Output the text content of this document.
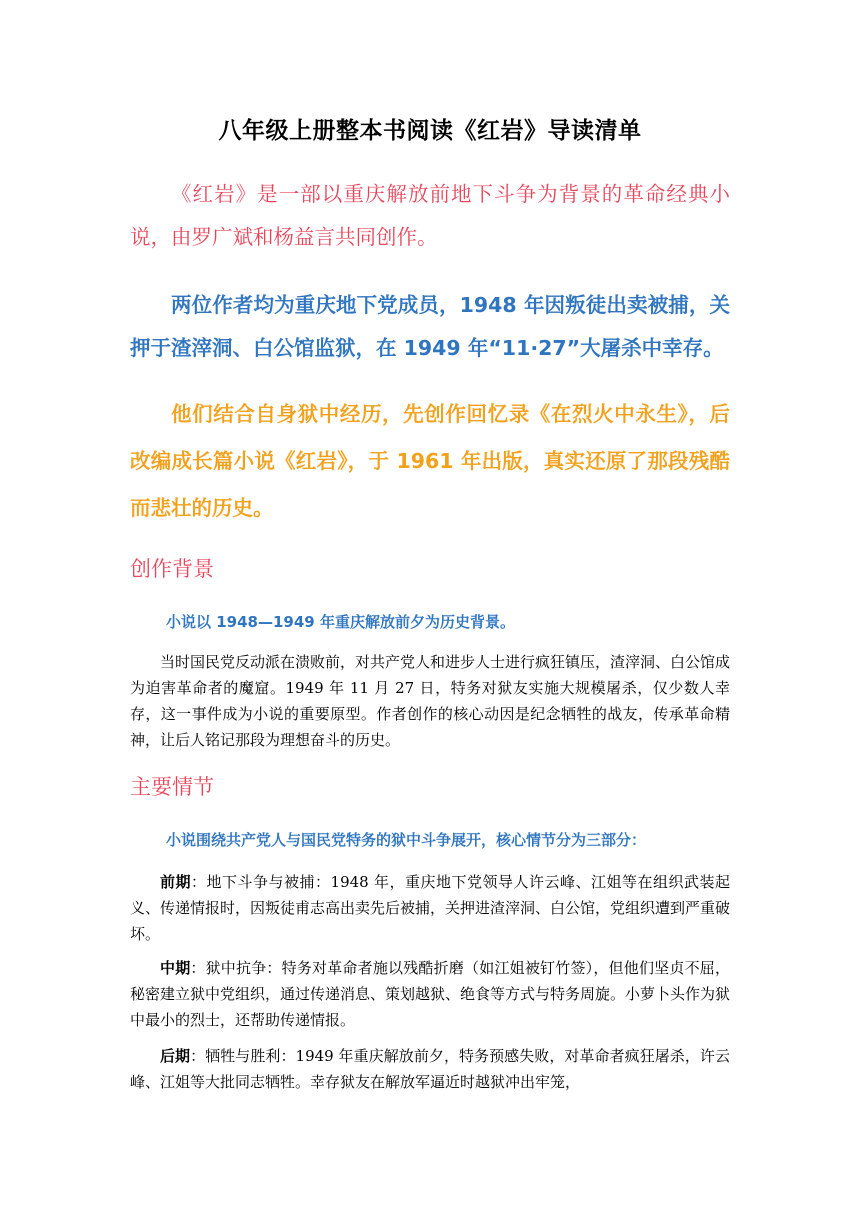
八年级上册整本书阅读《红岩》导读清单

《红岩》是一部以重庆解放前地下斗争为背景的革命经典小说，由罗广斌和杨益言共同创作。

两位作者均为重庆地下党成员，1948 年因叛徒出卖被捕，关押于渣滓洞、白公馆监狱，在 1949 年“11·27”大屠杀中幸存。

他们结合自身狱中经历，先创作回忆录《在烈火中永生》，后改编成长篇小说《红岩》，于 1961 年出版，真实还原了那段残酷而悲壮的历史。

创作背景
小说以 1948—1949 年重庆解放前夕为历史背景。

当时国民党反动派在溃败前，对共产党人和进步人士进行疯狂镇压，渣滓洞、白公馆成为迫害革命者的魔窟。1949 年 11 月 27 日，特务对狱友实施大规模屠杀，仅少数人幸存，这一事件成为小说的重要原型。作者创作的核心动因是纪念牺牲的战友，传承革命精神，让后人铭记那段为理想奋斗的历史。

主要情节
小说围绕共产党人与国民党特务的狱中斗争展开，核心情节分为三部分：

前期：地下斗争与被捕：1948 年，重庆地下党领导人许云峰、江姐等在组织武装起义、传递情报时，因叛徒甫志高出卖先后被捕，关押进渣滓洞、白公馆，党组织遭到严重破坏。

中期：狱中抗争：特务对革命者施以残酷折磨（如江姐被钉竹签），但他们坚贞不屈，秘密建立狱中党组织，通过传递消息、策划越狱、绝食等方式与特务周旋。小萝卜头作为狱中最小的烈士，还帮助传递情报。

后期：牺牲与胜利：1949 年重庆解放前夕，特务预感失败，对革命者疯狂屠杀，许云峰、江姐等大批同志牺牲。幸存狱友在解放军逼近时越狱冲出牢笼，
